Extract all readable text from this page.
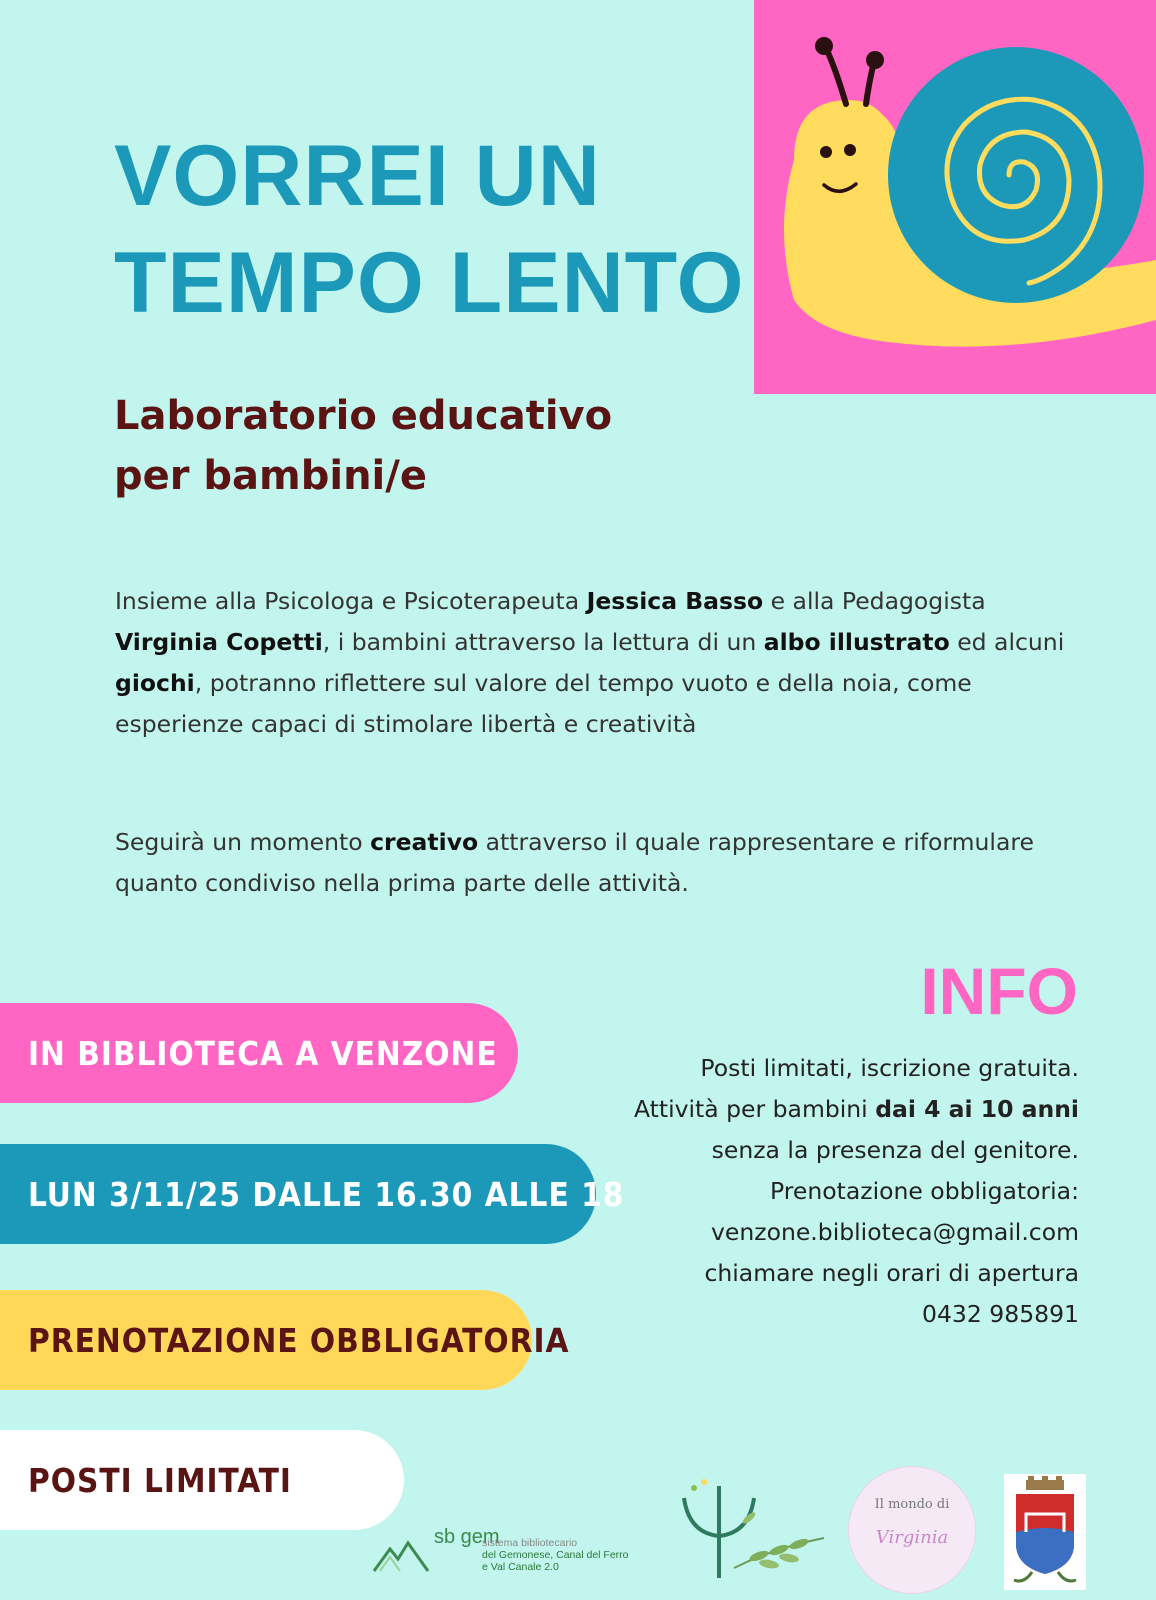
VORREI UN
TEMPO LENTO
Laboratorio educativo
per bambini/e

Insieme alla Psicologa e Psicoterapeuta Jessica Basso e alla Pedagogista Virginia Copetti, i bambini attraverso la lettura di un albo illustrato ed alcuni giochi, potranno riflettere sul valore del tempo vuoto e della noia, come esperienze capaci di stimolare libertà e creatività

Seguirà un momento creativo attraverso il quale rappresentare e riformulare quanto condiviso nella prima parte delle attività.

INFO
Posti limitati, iscrizione gratuita.
Attività per bambini dai 4 ai 10 anni
senza la presenza del genitore.
Prenotazione obbligatoria:
venzone.biblioteca@gmail.com
chiamare negli orari di apertura
0432 985891
IN BIBLIOTECA A VENZONE
LUN 3/11/25 DALLE 16.30 ALLE 18
PRENOTAZIONE OBBLIGATORIA
POSTI LIMITATI
sb gem
sistema bibliotecario
del Gemonese, Canal del Ferro
e Val Canale 2.0
Il mondo di
Virginia
